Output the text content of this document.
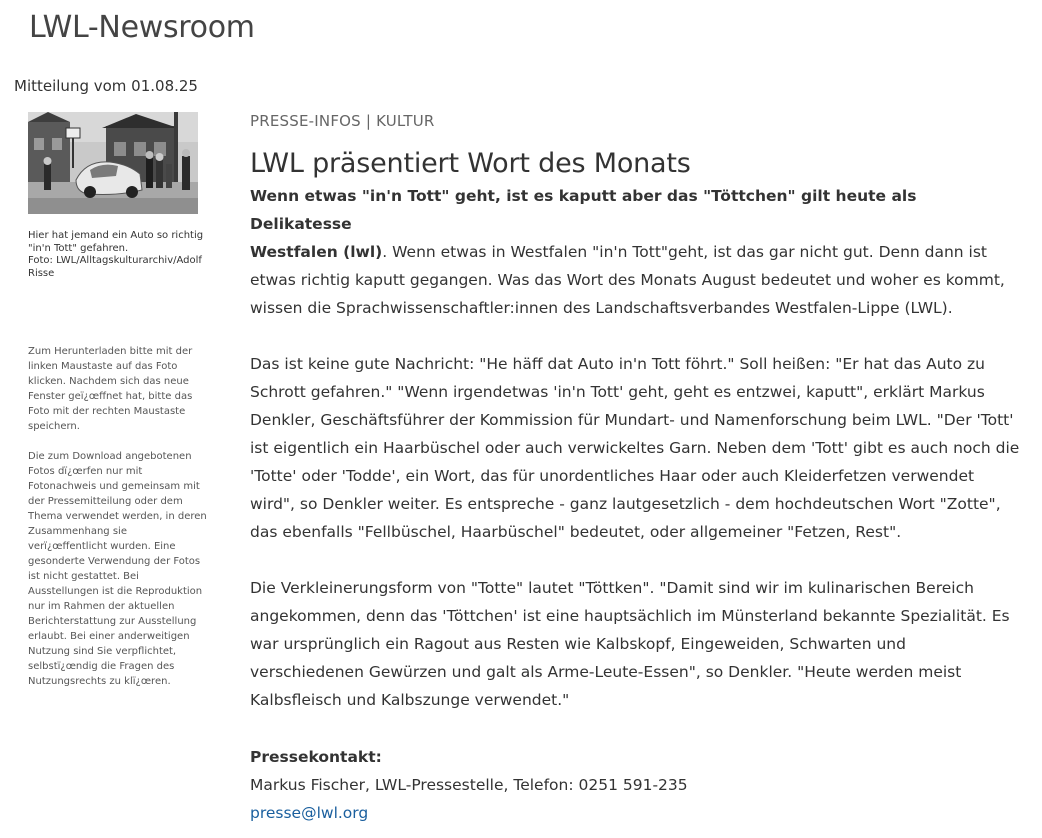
LWL-Newsroom
Mitteilung vom 01.08.25
Hier hat jemand ein Auto so richtig "in'n Tott" gefahren.
Foto: LWL/Alltagskulturarchiv/Adolf Risse

Zum Herunterladen bitte mit der linken Maustaste auf das Foto klicken. Nachdem sich das neue Fenster geï¿œffnet hat, bitte das Foto mit der rechten Maustaste speichern.

Die zum Download angebotenen Fotos dï¿œrfen nur mit Fotonachweis und gemeinsam mit der Pressemitteilung oder dem Thema verwendet werden, in deren Zusammenhang sie verï¿œffentlicht wurden. Eine gesonderte Verwendung der Fotos ist nicht gestattet. Bei Ausstellungen ist die Reproduktion nur im Rahmen der aktuellen Berichterstattung zur Ausstellung erlaubt. Bei einer anderweitigen Nutzung sind Sie verpflichtet, selbstï¿œndig die Fragen des Nutzungsrechts zu klï¿œren.

PRESSE-INFOS | KULTUR
LWL präsentiert Wort des Monats

Wenn etwas "in'n Tott" geht, ist es kaputt aber das "Töttchen" gilt heute als Delikatesse
Westfalen (lwl). Wenn etwas in Westfalen "in'n Tott"geht, ist das gar nicht gut. Denn dann ist etwas richtig kaputt gegangen. Was das Wort des Monats August bedeutet und woher es kommt, wissen die Sprachwissenschaftler:innen des Landschaftsverbandes Westfalen-Lippe (LWL).

Das ist keine gute Nachricht: "He häff dat Auto in'n Tott föhrt." Soll heißen: "Er hat das Auto zu Schrott gefahren." "Wenn irgendetwas 'in'n Tott' geht, geht es entzwei, kaputt", erklärt Markus Denkler, Geschäftsführer der Kommission für Mundart- und Namenforschung beim LWL. "Der 'Tott' ist eigentlich ein Haarbüschel oder auch verwickeltes Garn. Neben dem 'Tott' gibt es auch noch die 'Totte' oder 'Todde', ein Wort, das für unordentliches Haar oder auch Kleiderfetzen verwendet wird", so Denkler weiter. Es entspreche - ganz lautgesetzlich - dem hochdeutschen Wort "Zotte", das ebenfalls "Fellbüschel, Haarbüschel" bedeutet, oder allgemeiner "Fetzen, Rest".

Die Verkleinerungsform von "Totte" lautet "Töttken". "Damit sind wir im kulinarischen Bereich angekommen, denn das 'Töttchen' ist eine hauptsächlich im Münsterland bekannte Spezialität. Es war ursprünglich ein Ragout aus Resten wie Kalbskopf, Eingeweiden, Schwarten und verschiedenen Gewürzen und galt als Arme-Leute-Essen", so Denkler. "Heute werden meist Kalbsfleisch und Kalbszunge verwendet."

Pressekontakt:
Markus Fischer, LWL-Pressestelle, Telefon: 0251 591-235
presse@lwl.org
